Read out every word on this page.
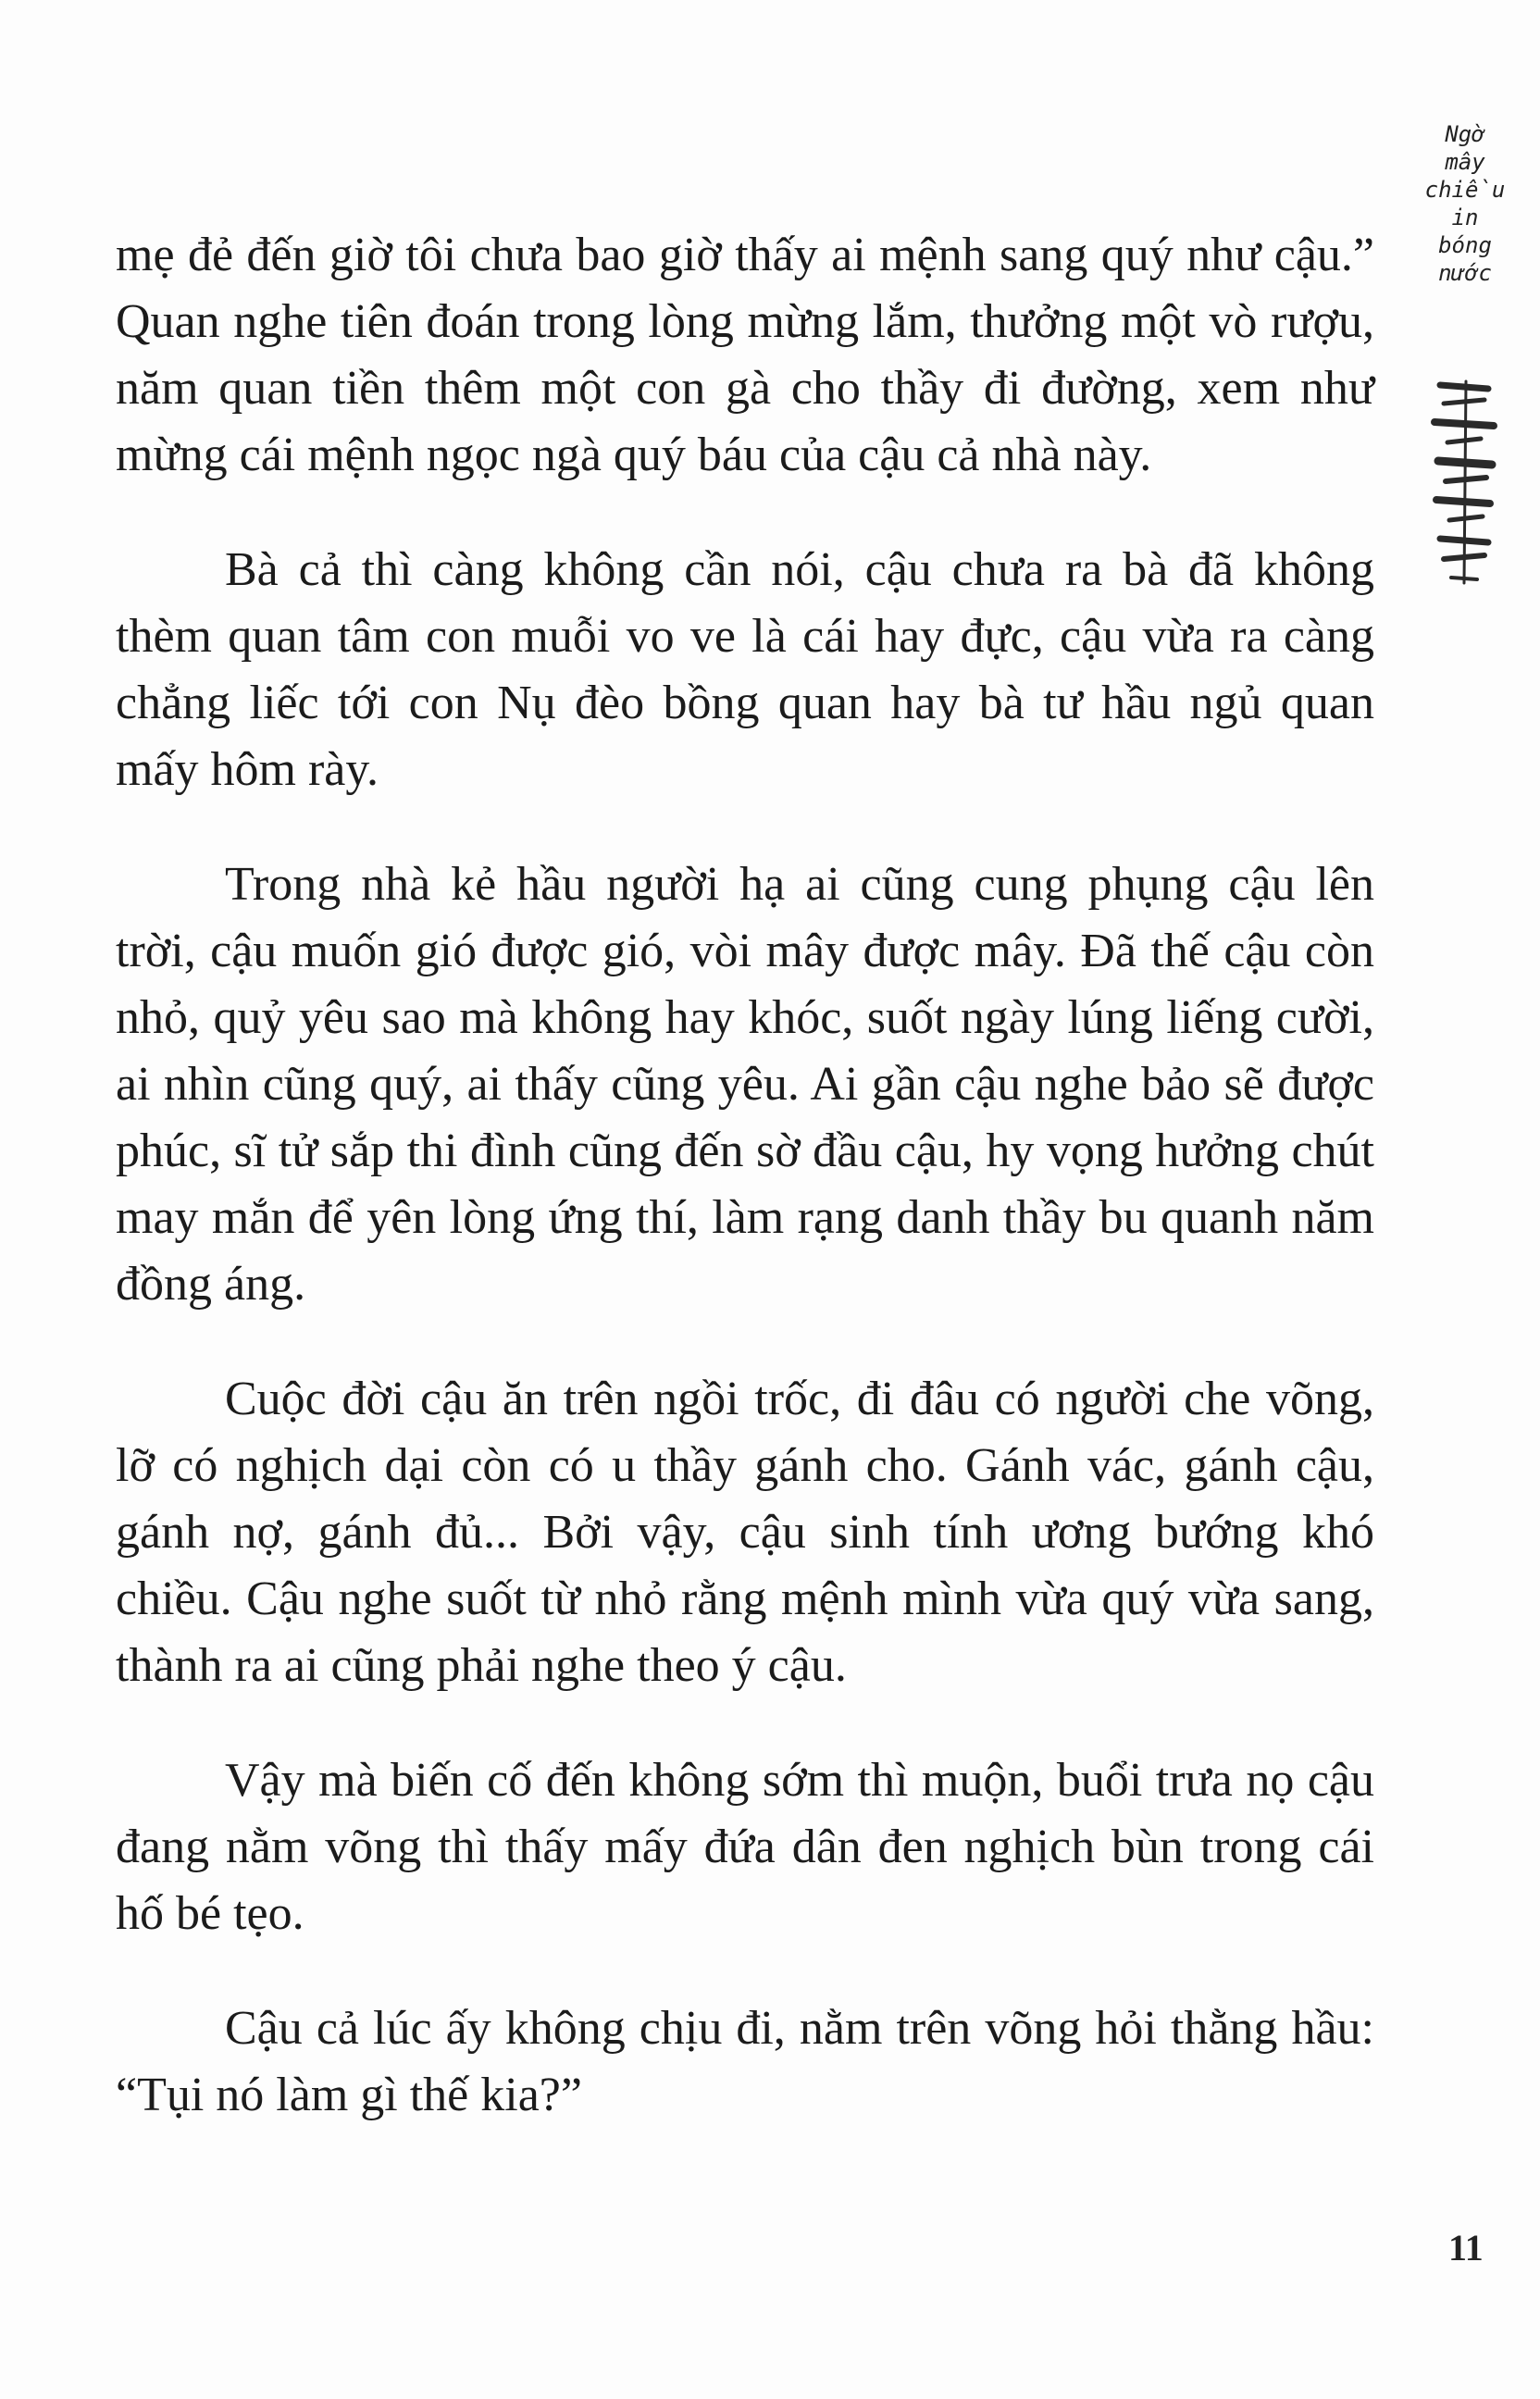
Ngờ
mây
chiều
in
bóng
nước

mẹ đẻ đến giờ tôi chưa bao giờ thấy ai mệnh sang quý như cậu.” Quan nghe tiên đoán trong lòng mừng lắm, thưởng một vò rượu, năm quan tiền thêm một con gà cho thầy đi đường, xem như mừng cái mệnh ngọc ngà quý báu của cậu cả nhà này.

Bà cả thì càng không cần nói, cậu chưa ra bà đã không thèm quan tâm con muỗi vo ve là cái hay đực, cậu vừa ra càng chẳng liếc tới con Nụ đèo bồng quan hay bà tư hầu ngủ quan mấy hôm rày.

Trong nhà kẻ hầu người hạ ai cũng cung phụng cậu lên trời, cậu muốn gió được gió, vòi mây được mây. Đã thế cậu còn nhỏ, quỷ yêu sao mà không hay khóc, suốt ngày lúng liếng cười, ai nhìn cũng quý, ai thấy cũng yêu. Ai gần cậu nghe bảo sẽ được phúc, sĩ tử sắp thi đình cũng đến sờ đầu cậu, hy vọng hưởng chút may mắn để yên lòng ứng thí, làm rạng danh thầy bu quanh năm đồng áng.

Cuộc đời cậu ăn trên ngồi trốc, đi đâu có người che võng, lỡ có nghịch dại còn có u thầy gánh cho. Gánh vác, gánh cậu, gánh nợ, gánh đủ... Bởi vậy, cậu sinh tính ương bướng khó chiều. Cậu nghe suốt từ nhỏ rằng mệnh mình vừa quý vừa sang, thành ra ai cũng phải nghe theo ý cậu.

Vậy mà biến cố đến không sớm thì muộn, buổi trưa nọ cậu đang nằm võng thì thấy mấy đứa dân đen nghịch bùn trong cái hố bé tẹo.

Cậu cả lúc ấy không chịu đi, nằm trên võng hỏi thằng hầu: “Tụi nó làm gì thế kia?”

11
